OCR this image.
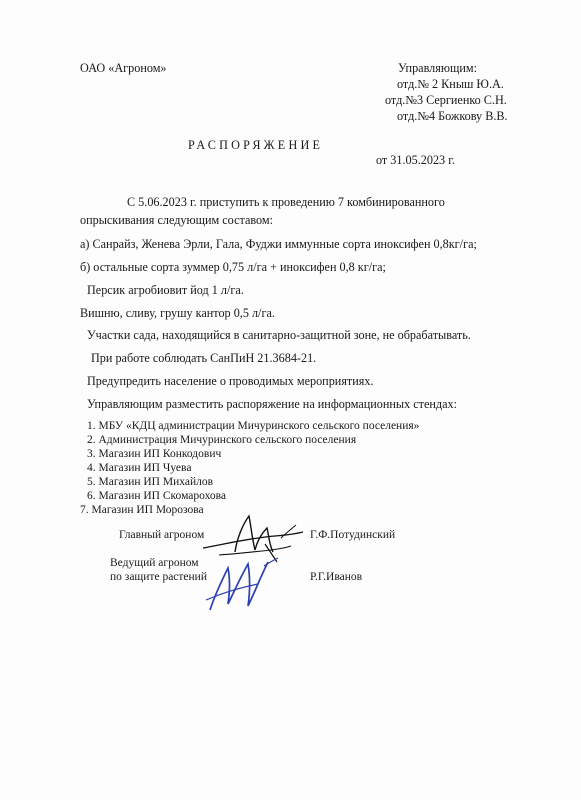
ОАО «Агроном»	Управляющим:
отд.№ 2 Кныш Ю.А.
отд.№3 Сергиенко С.Н.
отд.№4 Божкову В.В.
РАСПОРЯЖЕНИЕ
от 31.05.2023 г.
С 5.06.2023 г. приступить к проведению 7 комбинированного
опрыскивания следующим составом:
а) Санрайз, Женева Эрли, Гала, Фуджи иммунные сорта иноксифен 0,8кг/га;
б) остальные сорта зуммер 0,75 л/га + иноксифен 0,8 кг/га;
Персик агробиовит йод 1 л/га.
Вишню, сливу, грушу кантор 0,5 л/га.
Участки сада, находящийся в санитарно-защитной зоне, не обрабатывать.
При работе соблюдать СанПиН 21.3684-21.
Предупредить население о проводимых мероприятиях.
Управляющим разместить распоряжение на информационных стендах:
1. МБУ «КДЦ администрации Мичуринского сельского поселения»
2. Администрация Мичуринского сельского поселения
3. Магазин ИП Конкодович
4. Магазин ИП Чуева
5. Магазин ИП Михайлов
6. Магазин ИП Скомарохова
7. Магазин ИП Морозова
Главный агроном	Г.Ф.Потудинский
Ведущий агроном
по защите растений	Р.Г.Иванов
